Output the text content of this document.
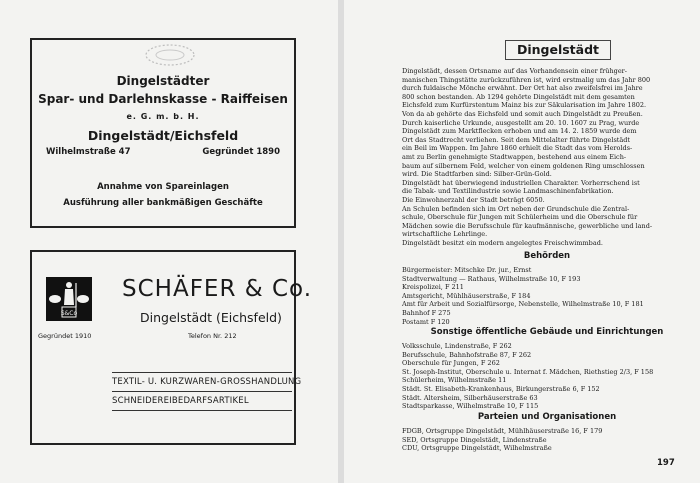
Dingelstädter
Spar- und Darlehnskasse - Raiffeisen
e. G. m. b. H.
Dingelstädt/Eichsfeld
Wilhelmstraße 47	Gegründet 1890
Annahme von Spareinlagen
Ausführung aller bankmäßigen Geschäfte
S&Co
SCHÄFER & Co.
Dingelstädt (Eichsfeld)
Telefon Nr. 212
Gegründet 1910
TEXTIL- U. KURZWAREN-GROSSHANDLUNG
SCHNEIDEREIBEDARFSARTIKEL
Dingelstädt

Dingelstädt, dessen Ortsname auf das Vorhandensein einer frühger-

manischen Thingstätte zurückzuführen ist, wird erstmalig um das Jahr 800

durch fuldaische Mönche erwähnt. Der Ort hat also zweifelsfrei im Jahre

800 schon bestanden. Ab 1294 gehörte Dingelstädt mit dem gesamten

Eichsfeld zum Kurfürstentum Mainz bis zur Säkularisation im Jahre 1802.

Von da ab gehörte das Eichsfeld und somit auch Dingelstädt zu Preußen.

Durch kaiserliche Urkunde, ausgestellt am 20. 10. 1607 zu Prag, wurde

Dingelstädt zum Marktflecken erhoben und am 14. 2. 1859 wurde dem

Ort das Stadtrecht verliehen. Seit dem Mittelalter führte Dingelstädt

ein Beil im Wappen. Im Jahre 1860 erhielt die Stadt das vom Herolds-

amt zu Berlin genehmigte Stadtwappen, bestehend aus einem Eich-

baum auf silbernem Feld, welcher von einem goldenen Ring umschlossen

wird. Die Stadtfarben sind: Silber-Grün-Gold.

Dingelstädt hat überwiegend industriellen Charakter. Vorherrschend ist

die Tabak- und Textilindustrie sowie Landmaschinenfabrikation.

Die Einwohnerzahl der Stadt beträgt 6050.

An Schulen befinden sich im Ort neben der Grundschule die Zentral-

schule, Oberschule für Jungen mit Schülerheim und die Oberschule für

Mädchen sowie die Berufsschule für kaufmännische, gewerbliche und land-

wirtschaftliche Lehrlinge.

Dingelstädt besitzt ein modern angelegtes Freischwimmbad.

Behörden
Bürgermeister: Mitschke Dr. jur., Ernst
Stadtverwaltung — Rathaus, Wilhelmstraße 10, F 193
Kreispolizei, F 211
Amtsgericht, Mühlhäuserstraße, F 184
Amt für Arbeit und Sozialfürsorge, Nebenstelle, Wilhelmstraße 10, F 181
Bahnhof F 275
Postamt F 120
Sonstige öffentliche Gebäude und Einrichtungen
Volksschule, Lindenstraße, F 262
Berufsschule, Bahnhofstraße 87, F 262
Oberschule für Jungen, F 262
St. Joseph-Institut, Oberschule u. Internat f. Mädchen, Riethstieg 2/3, F 158
Schülerheim, Wilhelmstraße 11
Städt. St. Elisabeth-Krankenhaus, Birkungerstraße 6, F 152
Städt. Altersheim, Silberhäuserstraße 63
Stadtsparkasse, Wilhelmstraße 10, F 115
Parteien und Organisationen
FDGB, Ortsgruppe Dingelstädt, Mühlhäuserstraße 16, F 179
SED, Ortsgruppe Dingelstädt, Lindenstraße
CDU, Ortsgruppe Dingelstädt, Wilhelmstraße
197
